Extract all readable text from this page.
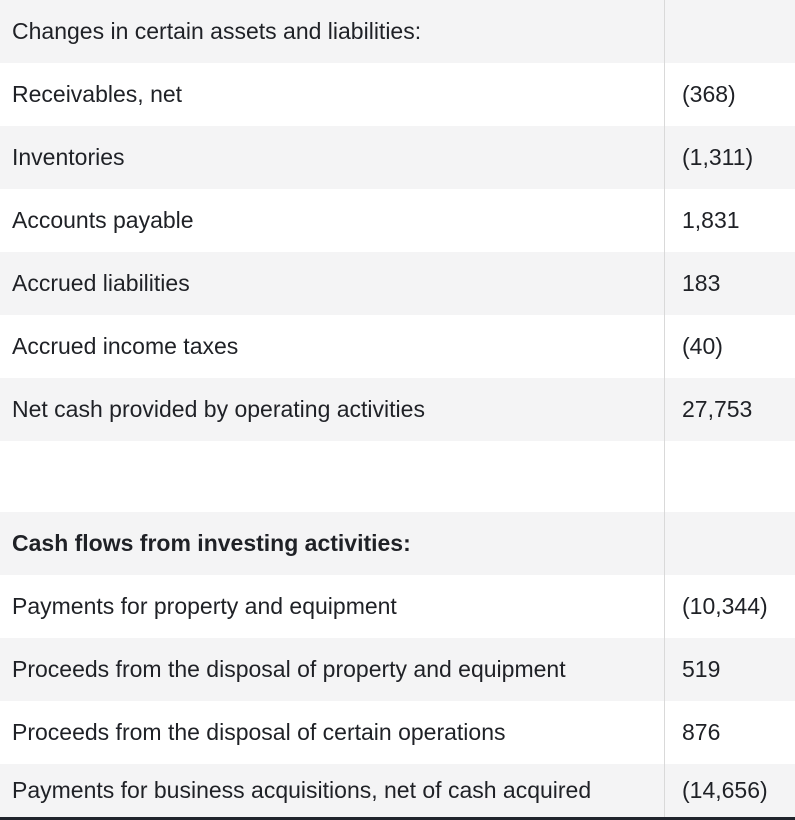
Changes in certain assets and liabilities:
Receivables, net	(368)
Inventories	(1,311)
Accounts payable	1,831
Accrued liabilities	183
Accrued income taxes	(40)
Net cash provided by operating activities	27,753
Cash flows from investing activities:
Payments for property and equipment	(10,344)
Proceeds from the disposal of property and equipment	519
Proceeds from the disposal of certain operations	876
Payments for business acquisitions, net of cash acquired	(14,656)
